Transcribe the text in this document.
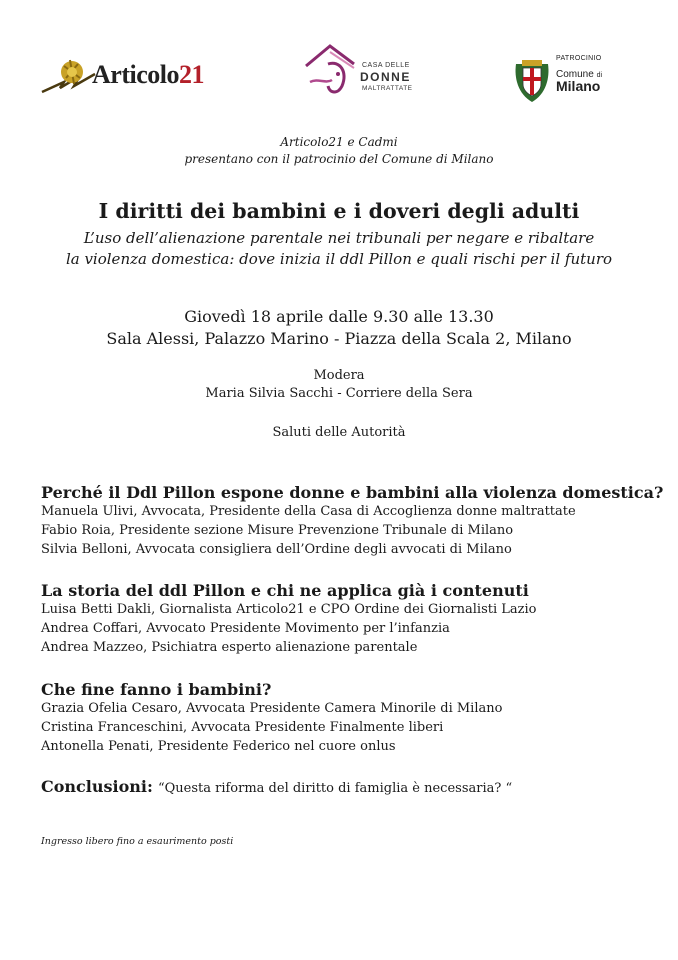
Articolo21	CASA DELLE
DONNE
MALTRATTATE
PATROCINIO
Comune di
Milano
Articolo21 e Cadmi
presentano con il patrocinio del Comune di Milano
I diritti dei bambini e i doveri degli adulti
L’uso dell’alienazione parentale nei tribunali per negare e ribaltare
la violenza domestica: dove inizia il ddl Pillon e quali rischi per il futuro
Giovedì 18 aprile dalle 9.30 alle 13.30
Sala Alessi, Palazzo Marino - Piazza della Scala 2, Milano
Modera
Maria Silvia Sacchi - Corriere della Sera
Saluti delle Autorità
Perché il Ddl Pillon espone donne e bambini alla violenza domestica?
Manuela Ulivi, Avvocata, Presidente della Casa di Accoglienza donne maltrattate
Fabio Roia, Presidente sezione Misure Prevenzione Tribunale di Milano
Silvia Belloni, Avvocata consigliera dell’Ordine degli avvocati di Milano
La storia del ddl Pillon e chi ne applica già i contenuti
Luisa Betti Dakli, Giornalista Articolo21 e CPO Ordine dei Giornalisti Lazio
Andrea Coffari, Avvocato Presidente Movimento per l’infanzia
Andrea Mazzeo, Psichiatra esperto alienazione parentale
Che fine fanno i bambini?
Grazia Ofelia Cesaro, Avvocata Presidente Camera Minorile di Milano
Cristina Franceschini, Avvocata Presidente Finalmente liberi
Antonella Penati, Presidente Federico nel cuore onlus
Conclusioni: “Questa riforma del diritto di famiglia è necessaria? “
Ingresso libero fino a esaurimento posti
